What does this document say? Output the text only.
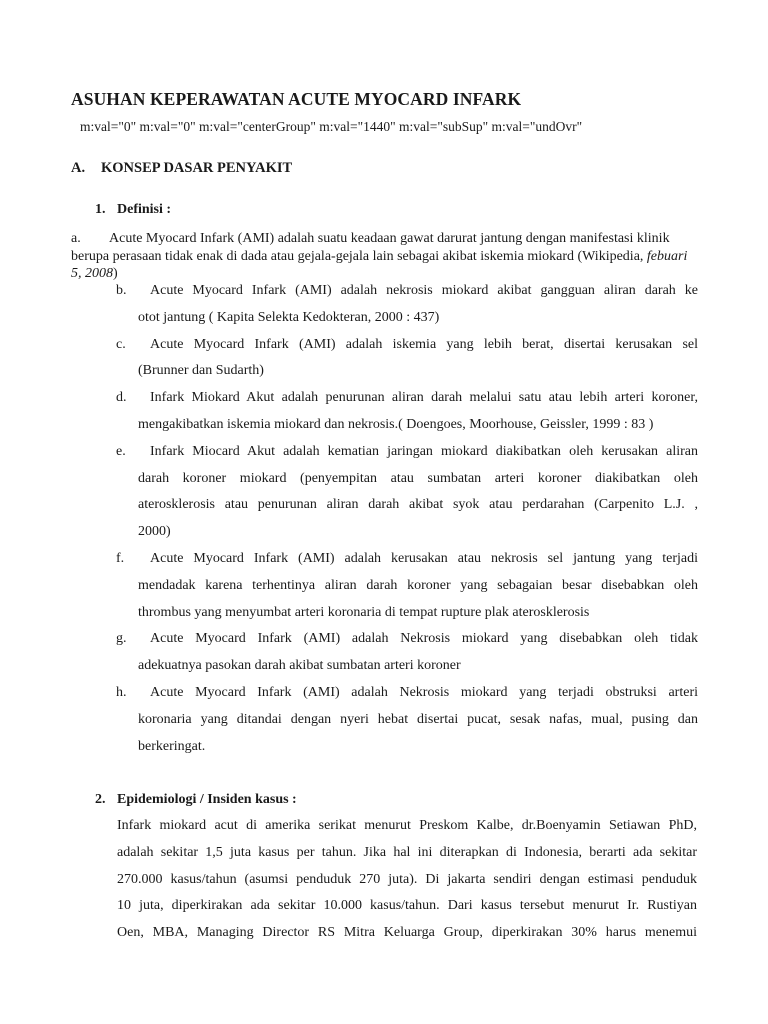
ASUHAN KEPERAWATAN ACUTE MYOCARD INFARK
m:val="0" m:val="0" m:val="centerGroup" m:val="1440" m:val="subSup" m:val="undOvr"
A. KONSEP DASAR PENYAKIT
1. Definisi :
a. Acute Myocard Infark (AMI) adalah suatu keadaan gawat darurat jantung dengan manifestasi klinik berupa perasaan tidak enak di dada atau gejala-gejala lain sebagai akibat iskemia miokard (Wikipedia, febuari 5, 2008)
b. Acute Myocard Infark (AMI) adalah nekrosis miokard akibat gangguan aliran darah ke
otot jantung ( Kapita Selekta Kedokteran, 2000 : 437)
c. Acute Myocard Infark (AMI) adalah iskemia yang lebih berat, disertai kerusakan sel
(Brunner dan Sudarth)
d. Infark Miokard Akut adalah penurunan aliran darah melalui satu atau lebih arteri koroner,
mengakibatkan iskemia miokard dan nekrosis.( Doengoes, Moorhouse, Geissler, 1999 : 83 )
e. Infark Miocard Akut adalah kematian jaringan miokard diakibatkan oleh kerusakan aliran
darah koroner miokard (penyempitan atau sumbatan arteri koroner diakibatkan oleh
aterosklerosis atau penurunan aliran darah akibat syok atau perdarahan (Carpenito L.J. ,
2000)
f. Acute Myocard Infark (AMI) adalah kerusakan atau nekrosis sel jantung yang terjadi
mendadak karena terhentinya aliran darah koroner yang sebagaian besar disebabkan oleh
thrombus yang menyumbat arteri koronaria di tempat rupture plak aterosklerosis
g. Acute Myocard Infark (AMI) adalah Nekrosis miokard yang disebabkan oleh tidak
adekuatnya pasokan darah akibat sumbatan arteri koroner
h. Acute Myocard Infark (AMI) adalah Nekrosis miokard yang terjadi obstruksi arteri
koronaria yang ditandai dengan nyeri hebat disertai pucat, sesak nafas, mual, pusing dan
berkeringat.
2. Epidemiologi / Insiden kasus :
Infark miokard acut di amerika serikat menurut Preskom Kalbe, dr.Boenyamin Setiawan PhD,
adalah sekitar 1,5 juta kasus per tahun. Jika hal ini diterapkan di Indonesia, berarti ada sekitar
270.000 kasus/tahun (asumsi penduduk 270 juta). Di jakarta sendiri dengan estimasi penduduk
10 juta, diperkirakan ada sekitar 10.000 kasus/tahun. Dari kasus tersebut menurut Ir. Rustiyan
Oen, MBA, Managing Director RS Mitra Keluarga Group, diperkirakan 30% harus menemui
